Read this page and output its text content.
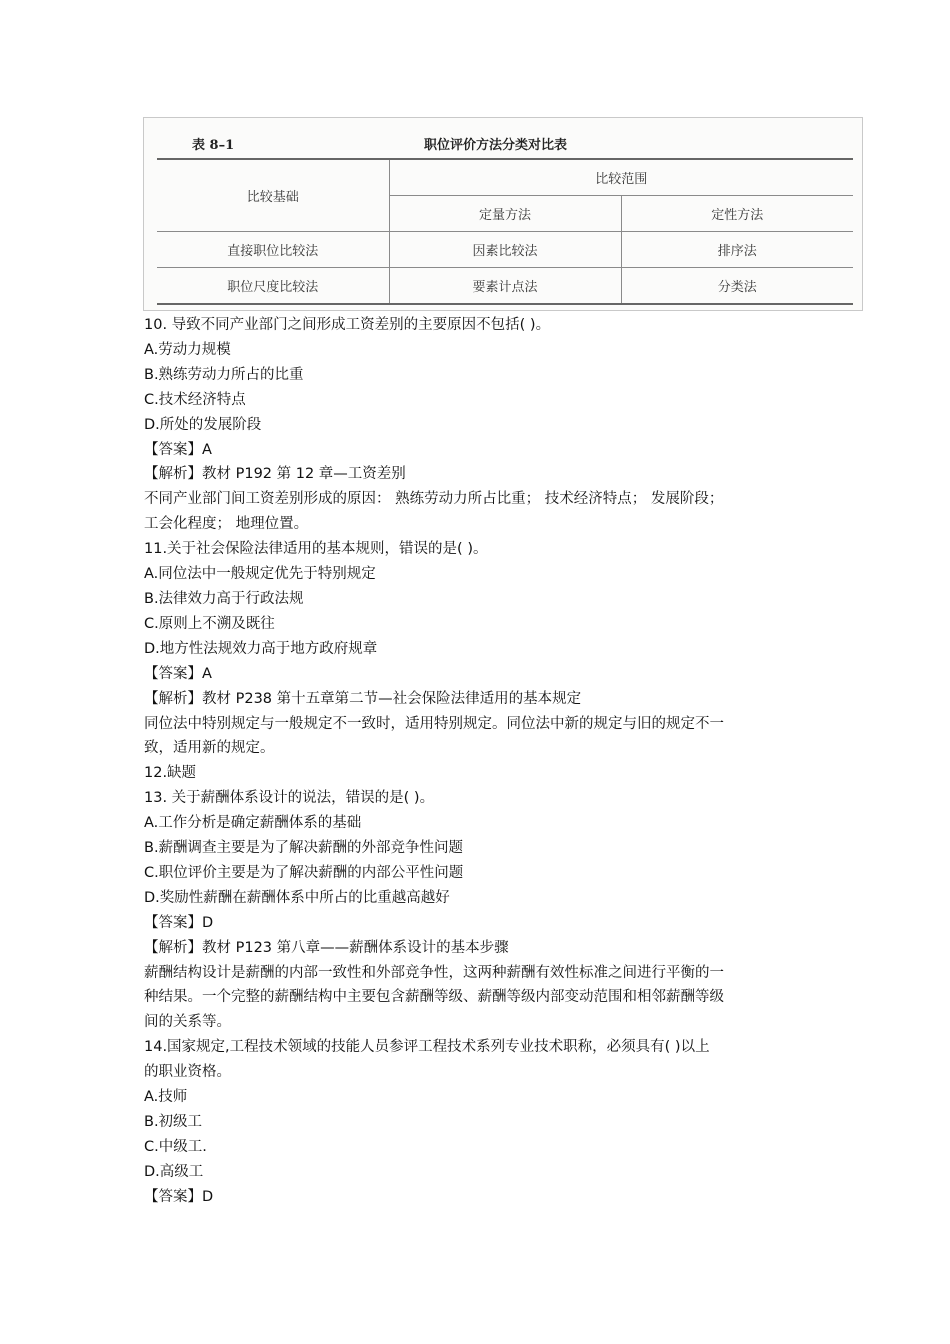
表 8–1	职位评价方法分类对比表
比较基础	比较范围	
	定量方法	定性方法
直接职位比较法	因素比较法	排序法
职位尺度比较法	要素计点法	分类法

10. 导致不同产业部门之间形成工资差别的主要原因不包括( )。

A.劳动力规模

B.熟练劳动力所占的比重

C.技术经济特点

D.所处的发展阶段

【答案】A

【解析】教材 P192 第 12 章—工资差别

不同产业部门间工资差别形成的原因： 熟练劳动力所占比重； 技术经济特点； 发展阶段；

工会化程度； 地理位置。

11.关于社会保险法律适用的基本规则，错误的是( )。

A.同位法中一般规定优先于特别规定

B.法律效力高于行政法规

C.原则上不溯及既往

D.地方性法规效力高于地方政府规章

【答案】A

【解析】教材 P238 第十五章第二节—社会保险法律适用的基本规定

同位法中特别规定与一般规定不一致时，适用特别规定。同位法中新的规定与旧的规定不一

致，适用新的规定。

12.缺题

13. 关于薪酬体系设计的说法，错误的是( )。

A.工作分析是确定薪酬体系的基础

B.薪酬调查主要是为了解决薪酬的外部竞争性问题

C.职位评价主要是为了解决薪酬的内部公平性问题

D.奖励性薪酬在薪酬体系中所占的比重越高越好

【答案】D

【解析】教材 P123 第八章——薪酬体系设计的基本步骤

薪酬结构设计是薪酬的内部一致性和外部竞争性，这两种薪酬有效性标准之间进行平衡的一

种结果。一个完整的薪酬结构中主要包含薪酬等级、薪酬等级内部变动范围和相邻薪酬等级

间的关系等。

14.国家规定,工程技术领域的技能人员参评工程技术系列专业技术职称，必须具有( )以上

的职业资格。

A.技师

B.初级工

C.中级工.

D.高级工

【答案】D
